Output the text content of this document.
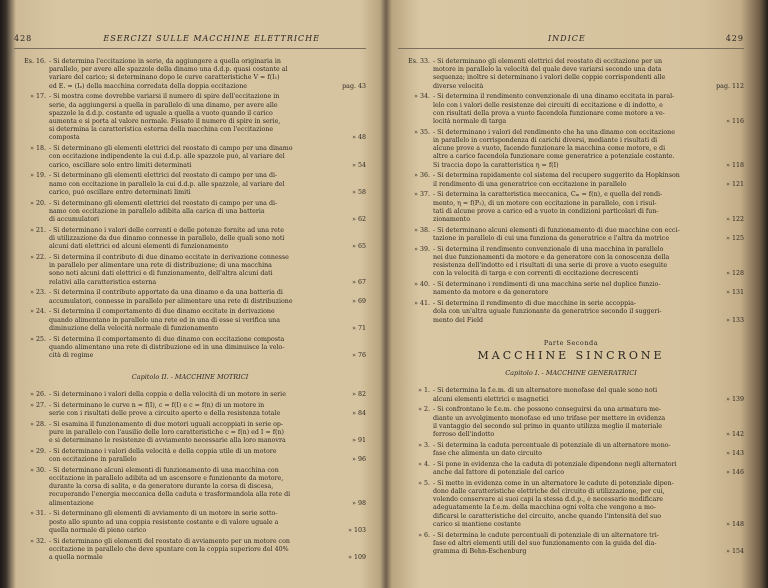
428	ESERCIZI SULLE MACCHINE ELETTRICHE
Es. 16. - Si determina l'eccitazione in serie, da aggiungere a quella originaria in
parallelo, per avere alle spazzole della dinamo una d.d.p. quasi costante al
variare del carico; si determinano dopo le curve caratteristiche V = f(I₁)
ed E. = (Iₐ) della macchina corredata della doppia eccitazione	pag. 43
» 17. - Si mostra come dovrebbe variarsi il numero di spire dell'eccitazione in
serie, da aggiungersi a quella in parallelo di una dinamo, per avere alle
spazzole la d.d.p. costante ed uguale a quella a vuoto quando il carico
aumenta e si porta al valore normale. Fissato il numero di spire in serie,
si determina la caratteristica esterna della macchina con l'eccitazione
composta	» 48
» 18. - Si determinano gli elementi elettrici del reostato di campo per una dinamo
con eccitazione indipendente la cui d.d.p. alle spazzole può, al variare del
carico, oscillare solo entro limiti determinati	» 54
» 19. - Si determinano gli elementi elettrici del reostato di campo per una di-
namo con eccitazione in parallelo la cui d.d.p. alle spazzole, al variare del
carico, può oscillare entro determinati limiti	» 58
» 20. - Si determinano gli elementi elettrici del reostato di campo per una di-
namo con eccitazione in parallelo adibita alla carica di una batteria
di accumulatori	» 62
» 21. - Si determinano i valori delle correnti e delle potenze fornite ad una rete
di utilizzazione da due dinamo connesse in parallelo, delle quali sono noti
alcuni dati elettrici ed alcuni elementi di funzionamento	» 65
» 22. - Si determina il contributo di due dinamo eccitate in derivazione connesse
in parallelo per alimentare una rete di distribuzione; di una macchina
sono noti alcuni dati elettrici e di funzionamento, dell'altra alcuni dati
relativi alla caratteristica esterna	» 67
» 23. - Si determina il contributo apportato da una dinamo e da una batteria di
accumulatori, connesse in parallelo per alimentare una rete di distribuzione	» 69
» 24. - Si determina il comportamento di due dinamo eccitate in derivazione
quando alimentano in parallelo una rete ed in una di esse si verifica una
diminuzione della velocità normale di funzionamento	» 71
» 25. - Si determina il comportamento di due dinamo con eccitazione composta
quando alimentano una rete di distribuzione ed in una diminuisce la velo-
cità di regime	» 76
Capitolo II. - MACCHINE MOTRICI
» 26. - Si determinano i valori della coppia e della velocità di un motore in serie	» 82
» 27. - Si determinano le curve n = f(I), c = f(I) e c = f(n) di un motore in
serie con i risultati delle prove a circuito aperto e della resistenza totale	» 84
» 28. - Si esamina il funzionamento di due motori uguali accoppiati in serie op-
pure in parallelo con l'ausilio delle loro caratteristiche c = f(n) ed I = f(n)
e si determinano le resistenze di avviamento necessarie alla loro manovra	» 91
» 29. - Si determinano i valori della velocità e della coppia utile di un motore
con eccitazione in parallelo	» 96
» 30. - Si determinano alcuni elementi di funzionamento di una macchina con
eccitazione in parallelo adibita ad un ascensore e funzionante da motore,
durante la corsa di salita, e da generatore durante la corsa di discesa,
recuperando l'energia meccanica della caduta e trasformandola alla rete di
alimentazione	» 98
» 31. - Si determinano gli elementi di avviamento di un motore in serie sotto-
posto allo spunto ad una coppia resistente costante e di valore uguale a
quella normale di pieno carico	» 103
» 32. - Si determinano gli elementi del reostato di avviamento per un motore con
eccitazione in parallelo che deve spuntare con la coppia superiore del 40%
a quella normale	» 109
INDICE	429
Es. 33. - Si determinano gli elementi elettrici del reostato di eccitazione per un
motore in parallelo la velocità del quale deve variarsi secondo una data
sequenza; inoltre si determinano i valori delle coppie corrispondenti alle
diverse velocità	pag. 112
» 34. - Si determina il rendimento convenzionale di una dinamo eccitata in paral-
lelo con i valori delle resistenze dei circuiti di eccitazione e di indotto, e
con risultati della prova a vuoto facendola funzionare come motore a ve-
locità normale di targa	» 116
» 35. - Si determinano i valori del rendimento che ha una dinamo con eccitazione
in parallelo in corrispondenza di carichi diversi, mediante i risultati di
alcune prove a vuoto, facendo funzionare la macchina come motore, e di
altre a carico facendola funzionare come generatrice a potenziale costante.
Si traccia dopo la caratteristica η = f(I)	» 118
» 36. - Si determina rapidamente col sistema del recupero suggerito da Hopkinson
il rendimento di una generatrice con eccitazione in parallelo	» 121
» 37. - Si determina la caratteristica meccanica, Cₘ = f(n), e quella del rendi-
mento, η = f(P₂), di un motore con eccitazione in parallelo, con i risul-
tati di alcune prove a carico ed a vuoto in condizioni particolari di fun-
zionamento	» 122
» 38. - Si determinano alcuni elementi di funzionamento di due macchine con ecci-
tazione in parallelo di cui una funziona da generatrice e l'altra da motrice	» 125
» 39. - Si determina il rendimento convenzionale di una macchina in parallelo
nei due funzionamenti da motore e da generatore con la conoscenza della
resistenza dell'indotto ed i risultati di una serie di prove a vuoto eseguite
con la velocità di targa e con correnti di eccitazione decrescenti	» 128
» 40. - Si determinano i rendimenti di una macchina serie nel duplice funzio-
namento da motore e da generatore	» 131
» 41. - Si determina il rendimento di due macchine in serie accoppia-
dola con un'altra uguale funzionante da generatrice secondo il suggeri-
mento del Field	» 133
Parte Seconda
MACCHINE SINCRONE
Capitolo I. - MACCHINE GENERATRICI
» 1. - Si determina la f.e.m. di un alternatore monofase del quale sono noti
alcuni elementi elettrici e magnetici	» 139
» 2. - Si confrontano le f.e.m. che possono conseguirsi da una armatura me-
diante un avvolgimento monofase ed uno trifase per mettere in evidenza
il vantaggio del secondo sul primo in quanto utilizza meglio il materiale
ferroso dell'indotto	» 142
» 3. - Si determina la caduta percentuale di potenziale di un alternatore mono-
fase che alimenta un dato circuito	» 143
» 4. - Si pone in evidenza che la caduta di potenziale dipendono negli alternatori
anche dal fattore di potenziale del carico	» 146
» 5. - Si mette in evidenza come in un alternatore le cadute di potenziale dipen-
dono dalle caratteristiche elettriche del circuito di utilizzazione, per cui,
volendo conservare ai suoi capi la stessa d.d.p., è necessario modificare
adeguatamente la f.e.m. della macchina ogni volta che vengono a mo-
dificarsi le caratteristiche del circuito, anche quando l'intensità del suo
carico si mantiene costante	» 148
» 6. - Si determina le cadute percentuali di potenziale di un alternatore tri-
fase ed altri elementi utili del suo funzionamento con la guida del dia-
gramma di Behn-Eschenburg	» 154
